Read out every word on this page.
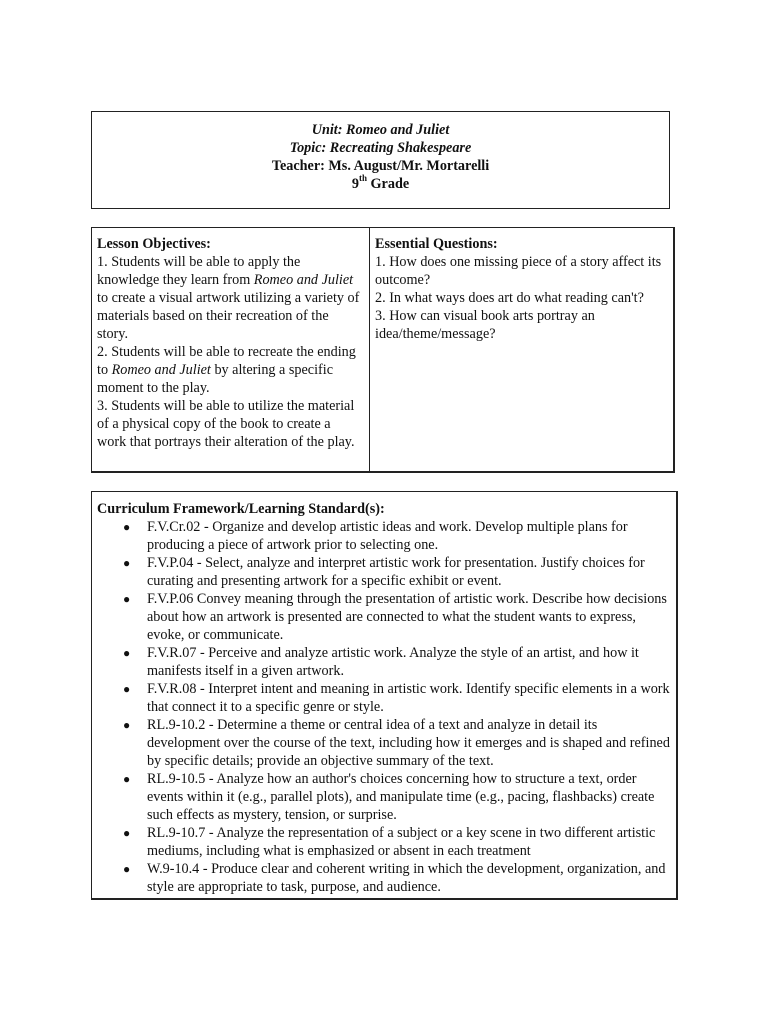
Unit: Romeo and Juliet
Topic: Recreating Shakespeare
Teacher: Ms. August/Mr. Mortarelli
9th Grade
Lesson Objectives:
1. Students will be able to apply the knowledge they learn from Romeo and Juliet to create a visual artwork utilizing a variety of materials based on their recreation of the story.
2. Students will be able to recreate the ending to Romeo and Juliet by altering a specific moment to the play.
3. Students will be able to utilize the material of a physical copy of the book to create a work that portrays their alteration of the play.
Essential Questions:
1. How does one missing piece of a story affect its outcome?
2. In what ways does art do what reading can't?
3. How can visual book arts portray an idea/theme/message?
Curriculum Framework/Learning Standard(s):
● F.V.Cr.02 - Organize and develop artistic ideas and work. Develop multiple plans for producing a piece of artwork prior to selecting one.
● F.V.P.04 - Select, analyze and interpret artistic work for presentation. Justify choices for curating and presenting artwork for a specific exhibit or event.
● F.V.P.06 Convey meaning through the presentation of artistic work. Describe how decisions about how an artwork is presented are connected to what the student wants to express, evoke, or communicate.
● F.V.R.07 - Perceive and analyze artistic work. Analyze the style of an artist, and how it manifests itself in a given artwork.
● F.V.R.08 - Interpret intent and meaning in artistic work. Identify specific elements in a work that connect it to a specific genre or style.
● RL.9-10.2 - Determine a theme or central idea of a text and analyze in detail its development over the course of the text, including how it emerges and is shaped and refined by specific details; provide an objective summary of the text.
● RL.9-10.5 - Analyze how an author's choices concerning how to structure a text, order events within it (e.g., parallel plots), and manipulate time (e.g., pacing, flashbacks) create such effects as mystery, tension, or surprise.
● RL.9-10.7 - Analyze the representation of a subject or a key scene in two different artistic mediums, including what is emphasized or absent in each treatment
● W.9-10.4 - Produce clear and coherent writing in which the development, organization, and style are appropriate to task, purpose, and audience.
